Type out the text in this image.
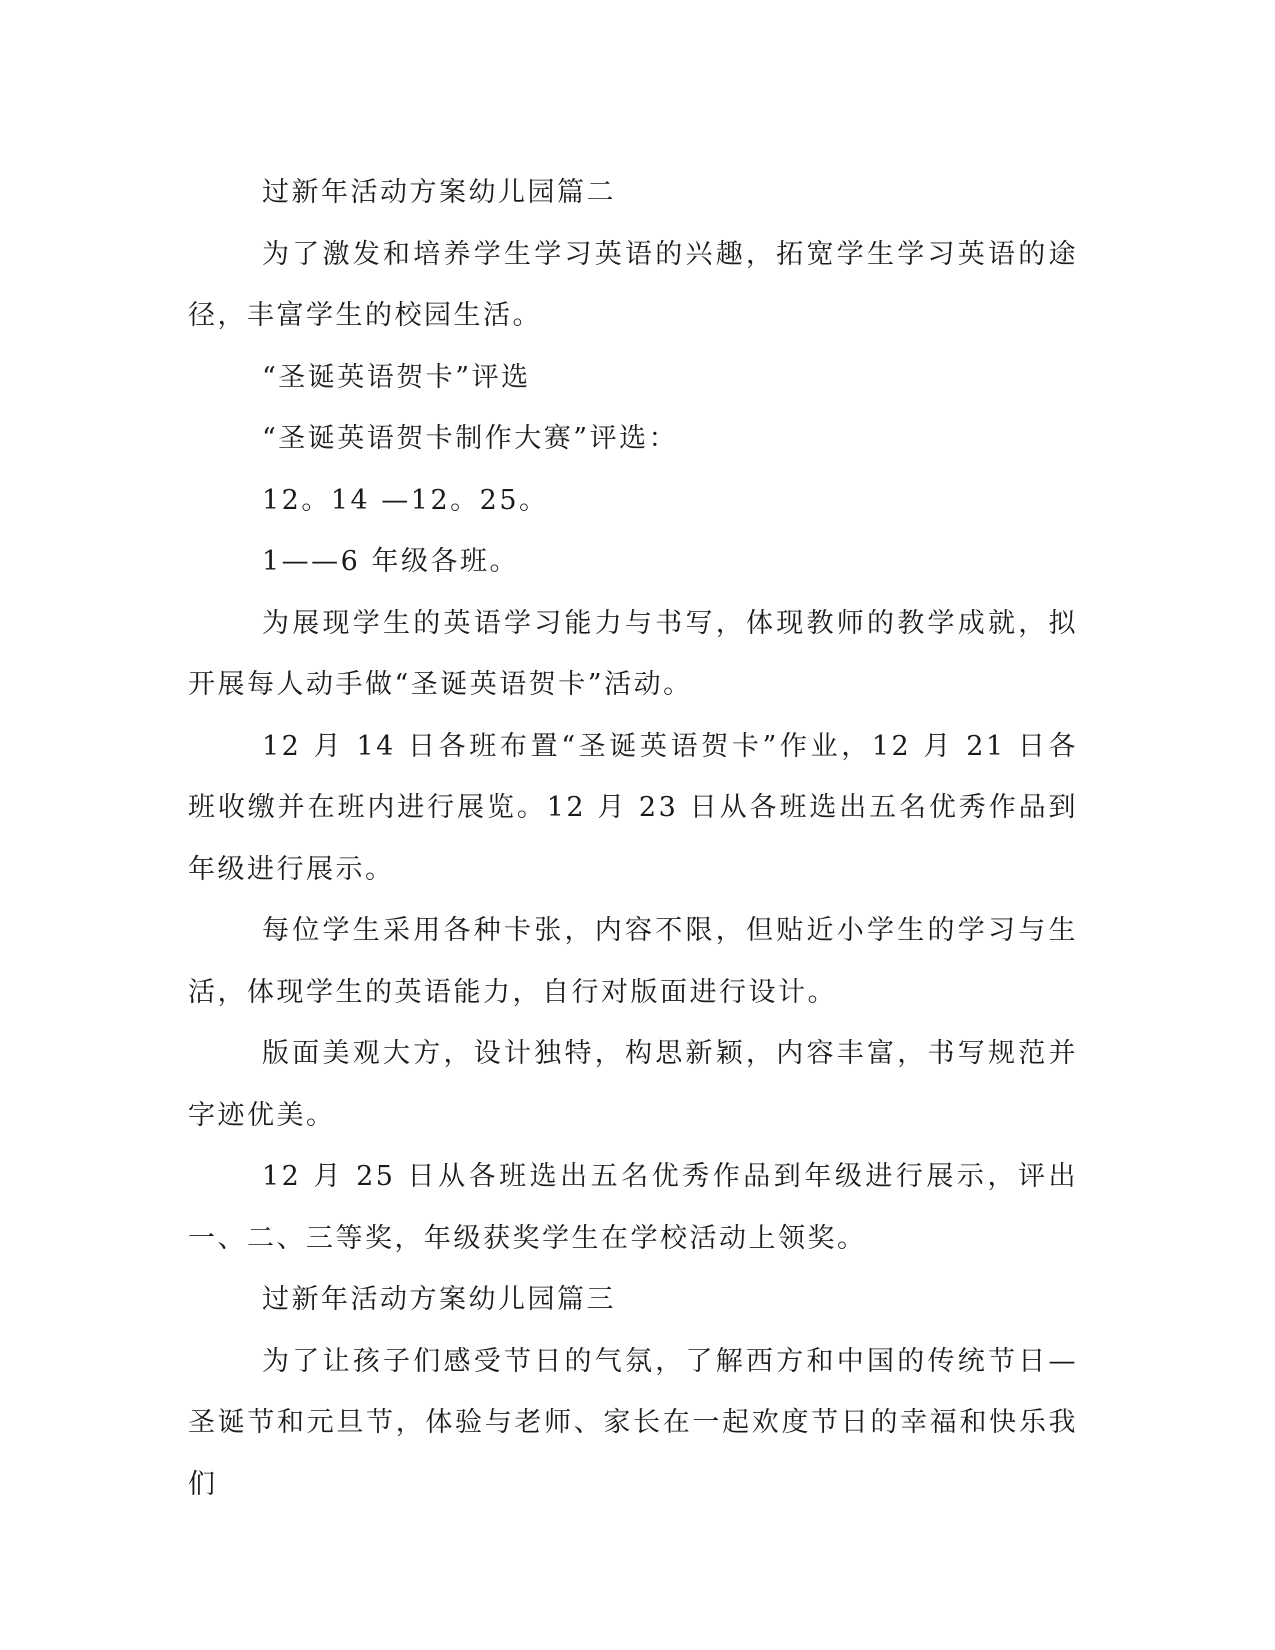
过新年活动方案幼儿园篇二

为了激发和培养学生学习英语的兴趣，拓宽学生学习英语的途径，丰富学生的校园生活。

“圣诞英语贺卡”评选

“圣诞英语贺卡制作大赛”评选：

12。14 —12。25。

1——6 年级各班。

为展现学生的英语学习能力与书写，体现教师的教学成就，拟开展每人动手做“圣诞英语贺卡”活动。

12 月 14 日各班布置“圣诞英语贺卡”作业，12 月 21 日各班收缴并在班内进行展览。12 月 23 日从各班选出五名优秀作品到年级进行展示。

每位学生采用各种卡张，内容不限，但贴近小学生的学习与生活，体现学生的英语能力，自行对版面进行设计。

版面美观大方，设计独特，构思新颖，内容丰富，书写规范并字迹优美。

12 月 25 日从各班选出五名优秀作品到年级进行展示，评出一、二、三等奖，年级获奖学生在学校活动上领奖。

过新年活动方案幼儿园篇三

为了让孩子们感受节日的气氛，了解西方和中国的传统节日—圣诞节和元旦节，体验与老师、家长在一起欢度节日的幸福和快乐我们
